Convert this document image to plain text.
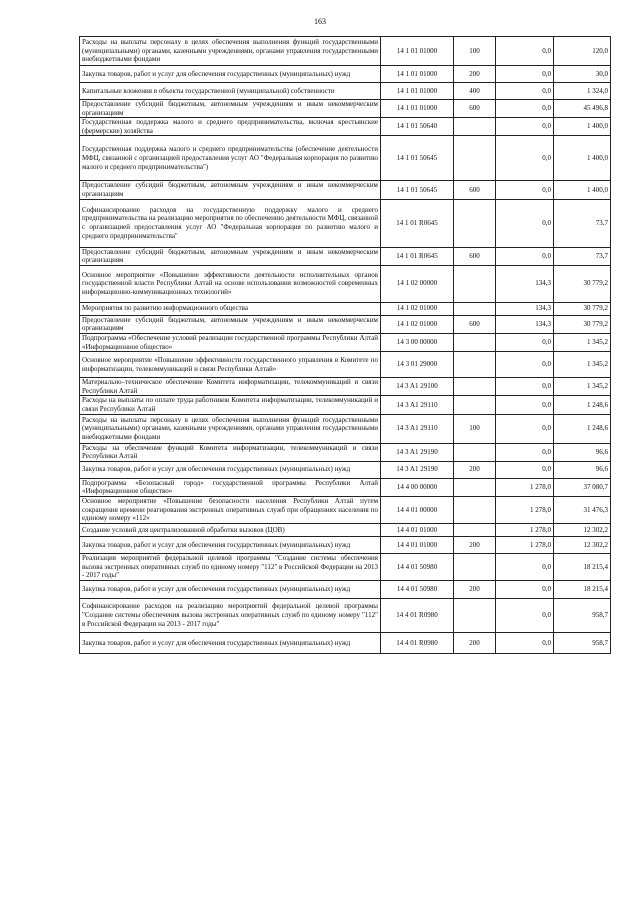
163
Расходы на выплаты персоналу в целях обеспечения выполнения функций государственными (муниципальными) органами, казенными учреждениями, органами управления государственными внебюджетными фондами	14 1 01 01000	100	0,0	120,0
Закупка товаров, работ и услуг для обеспечения государственных (муниципальных) нужд	14 1 01 01000	200	0,0	30,0
Капитальные вложения в объекты государственной (муниципальной) собственности	14 1 01 01000	400	0,0	1 324,0
Предоставление субсидий бюджетным, автономным учреждениям и иным некоммерческим организациям	14 1 01 01000	600	0,0	45 496,8
Государственная поддержка малого и среднего предпринимательства, включая крестьянские (фермерские) хозяйства	14 1 01 50640		0,0	1 400,0
Государственная поддержка малого и среднего предпринимательства (обеспечение деятельности МФЦ, связанной с организацией предоставления услуг АО "Федеральная корпорация по развитию малого и среднего предпринимательства")	14 1 01 50645		0,0	1 400,0
Предоставление субсидий бюджетным, автономным учреждениям и иным некоммерческим организациям	14 1 01 50645	600	0,0	1 400,0
Софинансирование расходов на государственную поддержку малого и среднего предпринимательства на реализацию мероприятия по обеспечению деятельности МФЦ, связанной с организацией предоставления услуг АО "Федеральная корпорация по развитию малого и среднего предпринимательства"	14 1 01 R0645		0,0	73,7
Предоставление субсидий бюджетным, автономным учреждениям и иным некоммерческим организациям	14 1 01 R0645	600	0,0	73,7
Основное мероприятие «Повышение эффективности деятельности исполнительных органов государственной власти Республики Алтай на основе использования возможностей современных информационно-коммуникационных технологий»	14 1 02 00000		134,3	30 779,2
Мероприятия по развитию информационного общества	14 1 02 01000		134,3	30 779,2
Предоставление субсидий бюджетным, автономным учреждениям и иным некоммерческим организациям	14 1 02 01000	600	134,3	30 779,2
Подпрограмма «Обеспечение условий реализации государственной программы Республики Алтай «Информационное общество»	14 3 00 00000		0,0	1 345,2
Основное мероприятие «Повышение эффективности государственного управления в Комитете по информатизации, телекоммуникаций и связи Республики Алтай»	14 3 01 29000		0,0	1 345,2
Материально–техническое обеспечение Комитета информатизации, телекоммуникаций и связи Республики Алтай	14 3 A1 29100		0,0	1 345,2
Расходы на выплаты по оплате труда работников Комитета информатизации, телекоммуникаций и связи Республики Алтай	14 3 A1 29110		0,0	1 248,6
Расходы на выплаты персоналу в целях обеспечения выполнения функций государственными (муниципальными) органами, казенными учреждениями, органами управления государственными внебюджетными фондами	14 3 A1 29110	100	0,0	1 248,6
Расходы на обеспечение функций Комитета информатизации, телекоммуникаций и связи Республики Алтай	14 3 A1 29190		0,0	96,6
Закупка товаров, работ и услуг для обеспечения государственных (муниципальных) нужд	14 3 A1 29190	200	0,0	96,6
Подпрограмма «Безопасный город» государственной программы Республики Алтай «Информационное общество»	14 4 00 00000		1 278,0	37 080,7
Основное мероприятие «Повышение безопасности населения Республики Алтай путем сокращения времени реагирования экстренных оперативных служб при обращениях населения по единому номеру «112»	14 4 01 00000		1 278,0	31 476,3
Создание условий для централизованной обработки вызовов (ЦОВ)	14 4 01 01000		1 278,0	12 302,2
Закупка товаров, работ и услуг для обеспечения государственных (муниципальных) нужд	14 4 01 01000	200	1 278,0	12 302,2
Реализация мероприятий федеральной целевой программы "Создание системы обеспечения вызова экстренных оперативных служб по единому номеру "112" в Российской Федерации на 2013 - 2017 годы"	14 4 01 50980		0,0	18 215,4
Закупка товаров, работ и услуг для обеспечения государственных (муниципальных) нужд	14 4 01 50980	200	0,0	18 215,4
Софинансирование расходов на реализацию мероприятий федеральной целевой программы "Создание системы обеспечения вызова экстренных оперативных служб по единому номеру "112" в Российской Федерации на 2013 - 2017 годы"	14 4 01 R0980		0,0	958,7
Закупка товаров, работ и услуг для обеспечения государственных (муниципальных) нужд	14 4 01 R0980	200	0,0	958,7
